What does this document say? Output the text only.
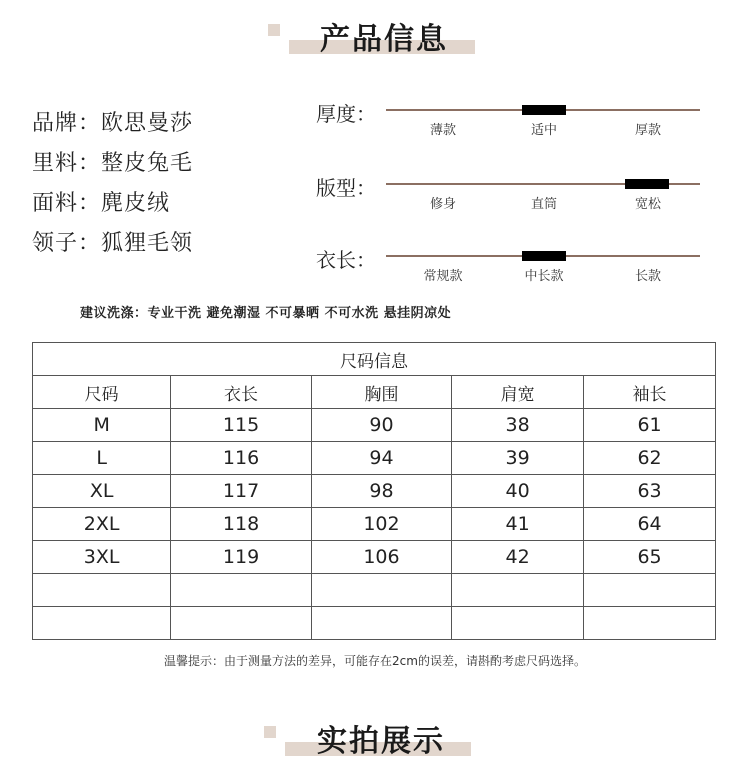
产品信息
品牌：欧思曼莎
里料：整皮兔毛
面料：麂皮绒
领子：狐狸毛领
厚度：
薄款	适中	厚款
版型：
修身	直筒	宽松
衣长：
常规款	中长款	长款
建议洗涤：专业干洗 避免潮湿 不可暴晒 不可水洗 悬挂阴凉处
尺码信息				
尺码	衣长	胸围	肩宽	袖长
M	115	90	38	61
L	116	94	39	62
XL	117	98	40	63
2XL	118	102	41	64
3XL	119	106	42	65

温馨提示：由于测量方法的差异，可能存在2cm的误差，请斟酌考虑尺码选择。
实拍展示
